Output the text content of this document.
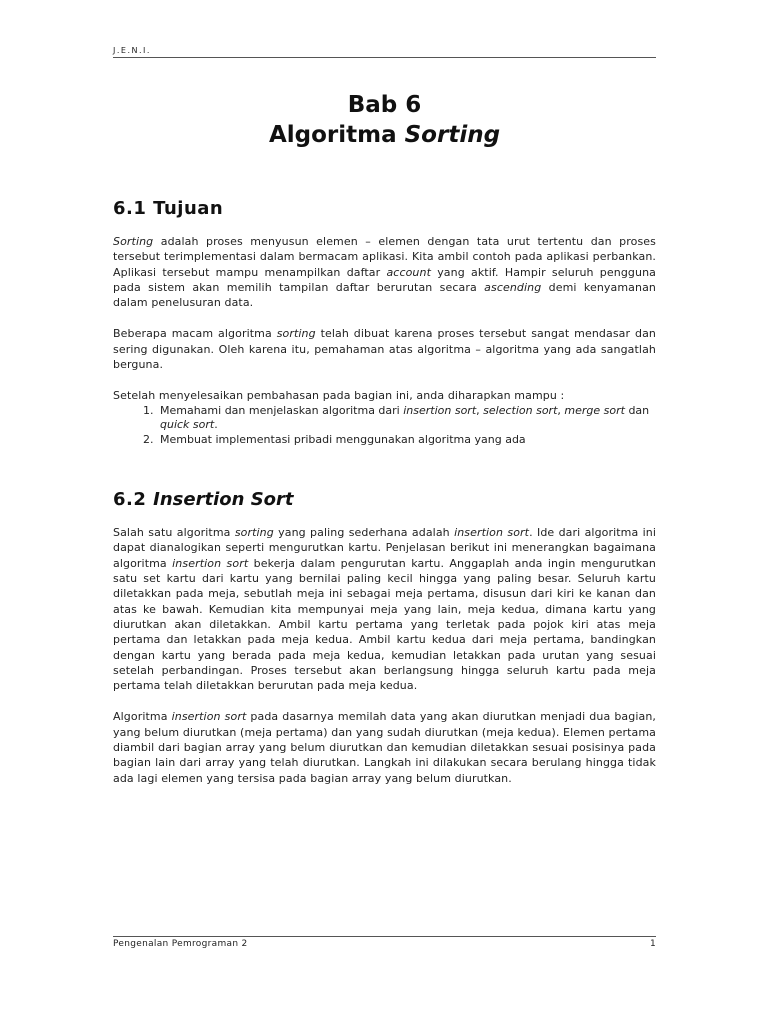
J.E.N.I.
Bab 6
Algoritma Sorting
6.1 Tujuan

Sorting adalah proses menyusun elemen – elemen dengan tata urut tertentu dan proses tersebut terimplementasi dalam bermacam aplikasi. Kita ambil contoh pada aplikasi perbankan. Aplikasi tersebut mampu menampilkan daftar account yang aktif. Hampir seluruh pengguna pada sistem akan memilih tampilan daftar berurutan secara ascending demi kenyamanan dalam penelusuran data.

Beberapa macam algoritma sorting telah dibuat karena proses tersebut sangat mendasar dan sering digunakan. Oleh karena itu, pemahaman atas algoritma – algoritma yang ada sangatlah berguna.

Setelah menyelesaikan pembahasan pada bagian ini, anda diharapkan mampu :

1. Memahami dan menjelaskan algoritma dari insertion sort, selection sort, merge sort dan quick sort.
2. Membuat implementasi pribadi menggunakan algoritma yang ada
6.2 Insertion Sort

Salah satu algoritma sorting yang paling sederhana adalah insertion sort. Ide dari algoritma ini dapat dianalogikan seperti mengurutkan kartu. Penjelasan berikut ini menerangkan bagaimana algoritma insertion sort bekerja dalam pengurutan kartu. Anggaplah anda ingin mengurutkan satu set kartu dari kartu yang bernilai paling kecil hingga yang paling besar. Seluruh kartu diletakkan pada meja, sebutlah meja ini sebagai meja pertama, disusun dari kiri ke kanan dan atas ke bawah. Kemudian kita mempunyai meja yang lain, meja kedua, dimana kartu yang diurutkan akan diletakkan. Ambil kartu pertama yang terletak pada pojok kiri atas meja pertama dan letakkan pada meja kedua. Ambil kartu kedua dari meja pertama, bandingkan dengan kartu yang berada pada meja kedua, kemudian letakkan pada urutan yang sesuai setelah perbandingan. Proses tersebut akan berlangsung hingga seluruh kartu pada meja pertama telah diletakkan berurutan pada meja kedua.

Algoritma insertion sort pada dasarnya memilah data yang akan diurutkan menjadi dua bagian, yang belum diurutkan (meja pertama) dan yang sudah diurutkan (meja kedua). Elemen pertama diambil dari bagian array yang belum diurutkan dan kemudian diletakkan sesuai posisinya pada bagian lain dari array yang telah diurutkan. Langkah ini dilakukan secara berulang hingga tidak ada lagi elemen yang tersisa pada bagian array yang belum diurutkan.

Pengenalan Pemrograman 2	1
